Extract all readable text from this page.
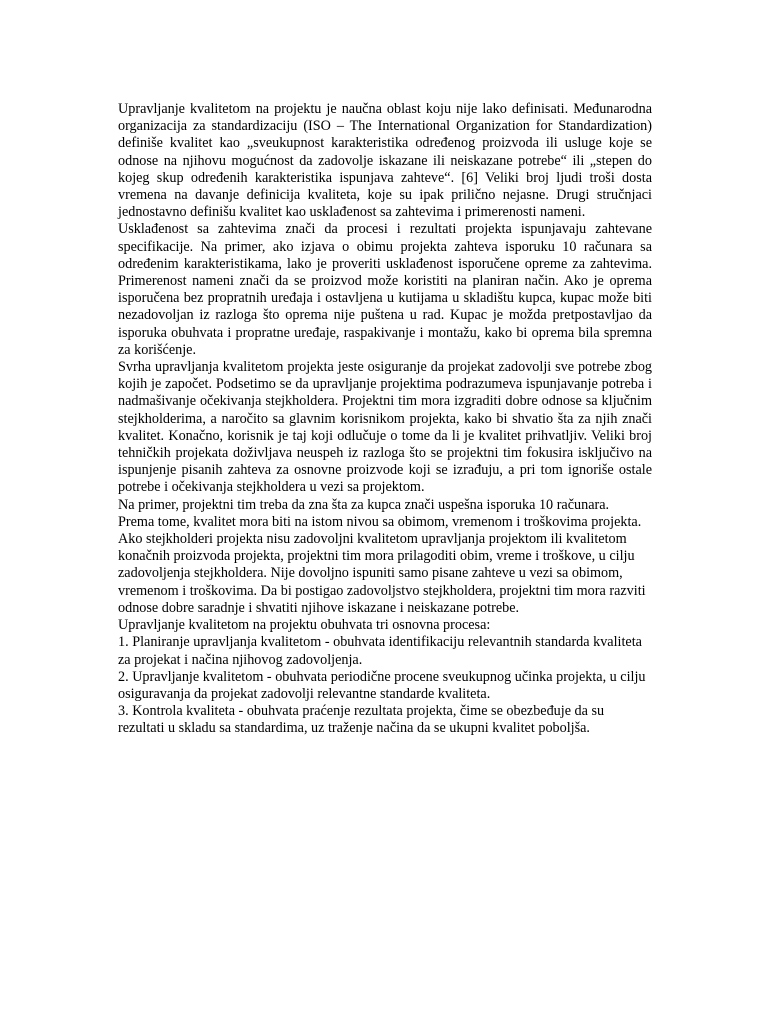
Upravljanje kvalitetom na projektu je naučna oblast koju nije lako definisati. Međunarodna organizacija za standardizaciju (ISO – The International Organization for Standardization) definiše kvalitet kao „sveukupnost karakteristika određenog proizvoda ili usluge koje se odnose na njihovu mogućnost da zadovolje iskazane ili neiskazane potrebe“ ili „stepen do kojeg skup određenih karakteristika ispunjava zahteve“. [6] Veliki broj ljudi troši dosta vremena na davanje definicija kvaliteta, koje su ipak prilično nejasne. Drugi stručnjaci jednostavno definišu kvalitet kao usklađenost sa zahtevima i primerenosti nameni.

Usklađenost sa zahtevima znači da procesi i rezultati projekta ispunjavaju zahtevane specifikacije. Na primer, ako izjava o obimu projekta zahteva isporuku 10 računara sa određenim karakteristikama, lako je proveriti usklađenost isporučene opreme za zahtevima. Primerenost nameni znači da se proizvod može koristiti na planiran način. Ako je oprema isporučena bez propratnih uređaja i ostavljena u kutijama u skladištu kupca, kupac može biti nezadovoljan iz razloga što oprema nije puštena u rad. Kupac je možda pretpostavljao da isporuka obuhvata i propratne uređaje, raspakivanje i montažu, kako bi oprema bila spremna za korišćenje.

Svrha upravljanja kvalitetom projekta jeste osiguranje da projekat zadovolji sve potrebe zbog kojih je započet. Podsetimo se da upravljanje projektima podrazumeva ispunjavanje potreba i nadmašivanje očekivanja stejkholdera. Projektni tim mora izgraditi dobre odnose sa ključnim stejkholderima, a naročito sa glavnim korisnikom projekta, kako bi shvatio šta za njih znači kvalitet. Konačno, korisnik je taj koji odlučuje o tome da li je kvalitet prihvatljiv. Veliki broj tehničkih projekata doživljava neuspeh iz razloga što se projektni tim fokusira isključivo na ispunjenje pisanih zahteva za osnovne proizvode koji se izrađuju, a pri tom ignoriše ostale potrebe i očekivanja stejkholdera u vezi sa projektom.

Na primer, projektni tim treba da zna šta za kupca znači uspešna isporuka 10 računara.

Prema tome, kvalitet mora biti na istom nivou sa obimom, vremenom i troškovima projekta. Ako stejkholderi projekta nisu zadovoljni kvalitetom upravljanja projektom ili kvalitetom konačnih proizvoda projekta, projektni tim mora prilagoditi obim, vreme i troškove, u cilju zadovoljenja stejkholdera. Nije dovoljno ispuniti samo pisane zahteve u vezi sa obimom, vremenom i troškovima. Da bi postigao zadovoljstvo stejkholdera, projektni tim mora razviti odnose dobre saradnje i shvatiti njihove iskazane i neiskazane potrebe.

Upravljanje kvalitetom na projektu obuhvata tri osnovna procesa:

1. Planiranje upravljanja kvalitetom - obuhvata identifikaciju relevantnih standarda kvaliteta za projekat i načina njihovog zadovoljenja.

2. Upravljanje kvalitetom - obuhvata periodične procene sveukupnog učinka projekta, u cilju osiguravanja da projekat zadovolji relevantne standarde kvaliteta.

3. Kontrola kvaliteta - obuhvata praćenje rezultata projekta, čime se obezbeđuje da su rezultati u skladu sa standardima, uz traženje načina da se ukupni kvalitet poboljša.
